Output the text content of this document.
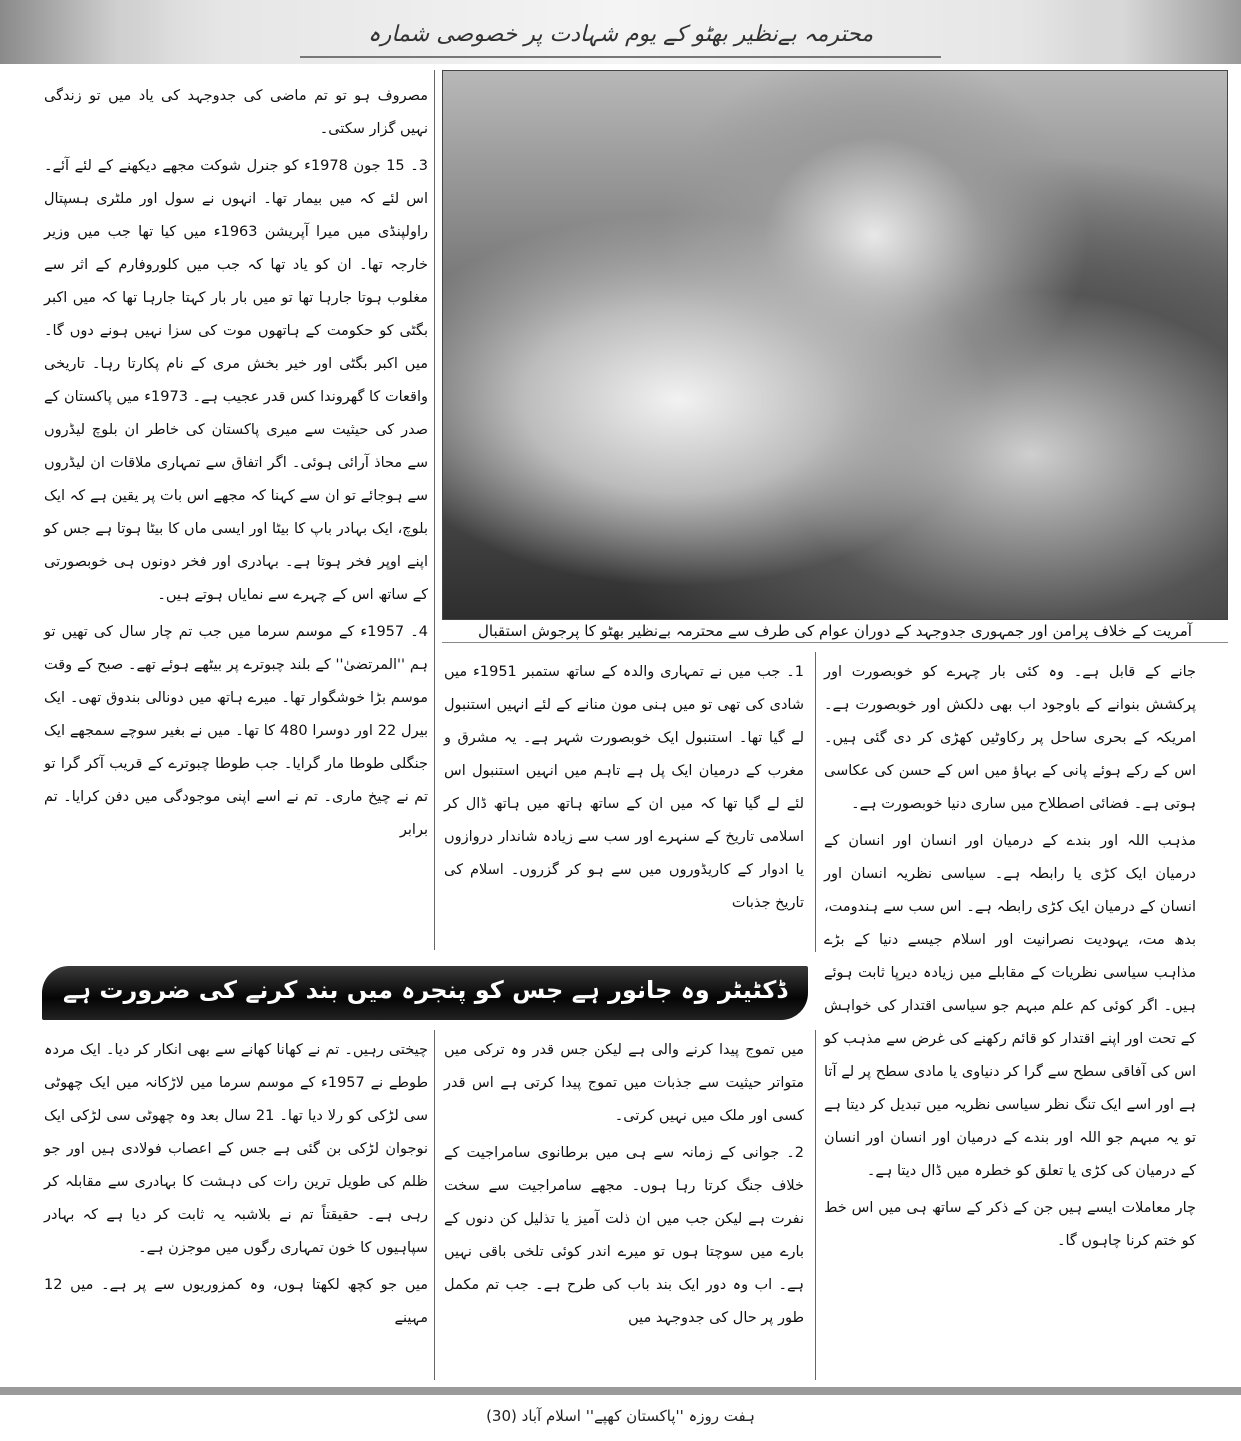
محترمہ بےنظیر بھٹو کے یوم شہادت پر خصوصی شمارہ

مصروف ہو تو تم ماضی کی جدوجہد کی یاد میں تو زندگی نہیں گزار سکتی۔

3۔ 15 جون 1978ء کو جنرل شوکت مجھے دیکھنے کے لئے آئے۔ اس لئے کہ میں بیمار تھا۔ انہوں نے سول اور ملٹری ہسپتال راولپنڈی میں میرا آپریشن 1963ء میں کیا تھا جب میں وزیر خارجہ تھا۔ ان کو یاد تھا کہ جب میں کلوروفارم کے اثر سے مغلوب ہوتا جارہا تھا تو میں بار بار کہتا جارہا تھا کہ میں اکبر بگٹی کو حکومت کے ہاتھوں موت کی سزا نہیں ہونے دوں گا۔ میں اکبر بگٹی اور خیر بخش مری کے نام پکارتا رہا۔ تاریخی واقعات کا گھروندا کس قدر عجیب ہے۔ 1973ء میں پاکستان کے صدر کی حیثیت سے میری پاکستان کی خاطر ان بلوچ لیڈروں سے محاذ آرائی ہوئی۔ اگر اتفاق سے تمہاری ملاقات ان لیڈروں سے ہوجائے تو ان سے کہنا کہ مجھے اس بات پر یقین ہے کہ ایک بلوچ، ایک بہادر باپ کا بیٹا اور ایسی ماں کا بیٹا ہوتا ہے جس کو اپنے اوپر فخر ہوتا ہے۔ بہادری اور فخر دونوں ہی خوبصورتی کے ساتھ اس کے چہرے سے نمایاں ہوتے ہیں۔

4۔ 1957ء کے موسم سرما میں جب تم چار سال کی تھیں تو ہم ''المرتضیٰ'' کے بلند چبوترے پر بیٹھے ہوئے تھے۔ صبح کے وقت موسم بڑا خوشگوار تھا۔ میرے ہاتھ میں دونالی بندوق تھی۔ ایک بیرل 22 اور دوسرا 480 کا تھا۔ میں نے بغیر سوچے سمجھے ایک جنگلی طوطا مار گرایا۔ جب طوطا چبوترے کے قریب آکر گرا تو تم نے چیخ ماری۔ تم نے اسے اپنی موجودگی میں دفن کرایا۔ تم برابر

آمریت کے خلاف پرامن اور جمہوری جدوجہد کے دوران عوام کی طرف سے محترمہ بےنظیر بھٹو کا پرجوش استقبال

1۔ جب میں نے تمہاری والدہ کے ساتھ ستمبر 1951ء میں شادی کی تھی تو میں ہنی مون منانے کے لئے انہیں استنبول لے گیا تھا۔ استنبول ایک خوبصورت شہر ہے۔ یہ مشرق و مغرب کے درمیان ایک پل ہے تاہم میں انہیں استنبول اس لئے لے گیا تھا کہ میں ان کے ساتھ ہاتھ میں ہاتھ ڈال کر اسلامی تاریخ کے سنہرے اور سب سے زیادہ شاندار دروازوں یا ادوار کے کاریڈوروں میں سے ہو کر گزروں۔ اسلام کی تاریخ جذبات

جانے کے قابل ہے۔ وہ کئی بار چہرے کو خوبصورت اور پرکشش بنوانے کے باوجود اب بھی دلکش اور خوبصورت ہے۔ امریکہ کے بحری ساحل پر رکاوٹیں کھڑی کر دی گئی ہیں۔ اس کے رکے ہوئے پانی کے بہاؤ میں اس کے حسن کی عکاسی ہوتی ہے۔ فضائی اصطلاح میں ساری دنیا خوبصورت ہے۔

مذہب اللہ اور بندے کے درمیان اور انسان اور انسان کے درمیان ایک کڑی یا رابطہ ہے۔ سیاسی نظریہ انسان اور انسان کے درمیان ایک کڑی رابطہ ہے۔ اس سب سے ہندومت، بدھ مت، یہودیت نصرانیت اور اسلام جیسے دنیا کے بڑے مذاہب سیاسی نظریات کے مقابلے میں زیادہ دیرپا ثابت ہوئے ہیں۔ اگر کوئی کم علم مبہم جو سیاسی اقتدار کی خواہش کے تحت اور اپنے اقتدار کو قائم رکھنے کی غرض سے مذہب کو اس کی آفاقی سطح سے گرا کر دنیاوی یا مادی سطح پر لے آتا ہے اور اسے ایک تنگ نظر سیاسی نظریہ میں تبدیل کر دیتا ہے تو یہ مبہم جو اللہ اور بندے کے درمیان اور انسان اور انسان کے درمیان کی کڑی یا تعلق کو خطرہ میں ڈال دیتا ہے۔

چار معاملات ایسے ہیں جن کے ذکر کے ساتھ ہی میں اس خط کو ختم کرنا چاہوں گا۔

ڈکٹیٹر وہ جانور ہے جس کو پنجرہ میں بند کرنے کی ضرورت ہے

چیختی رہیں۔ تم نے کھانا کھانے سے بھی انکار کر دیا۔ ایک مردہ طوطے نے 1957ء کے موسم سرما میں لاڑکانہ میں ایک چھوٹی سی لڑکی کو رلا دیا تھا۔ 21 سال بعد وہ چھوٹی سی لڑکی ایک نوجوان لڑکی بن گئی ہے جس کے اعصاب فولادی ہیں اور جو ظلم کی طویل ترین رات کی دہشت کا بہادری سے مقابلہ کر رہی ہے۔ حقیقتاً تم نے بلاشبہ یہ ثابت کر دیا ہے کہ بہادر سپاہیوں کا خون تمہاری رگوں میں موجزن ہے۔

میں جو کچھ لکھتا ہوں، وہ کمزوریوں سے پر ہے۔ میں 12 مہینے

میں تموج پیدا کرنے والی ہے لیکن جس قدر وہ ترکی میں متواتر حیثیت سے جذبات میں تموج پیدا کرتی ہے اس قدر کسی اور ملک میں نہیں کرتی۔

2۔ جوانی کے زمانہ سے ہی میں برطانوی سامراجیت کے خلاف جنگ کرتا رہا ہوں۔ مجھے سامراجیت سے سخت نفرت ہے لیکن جب میں ان ذلت آمیز یا تذلیل کن دنوں کے بارے میں سوچتا ہوں تو میرے اندر کوئی تلخی باقی نہیں ہے۔ اب وہ دور ایک بند باب کی طرح ہے۔ جب تم مکمل طور پر حال کی جدوجہد میں

ہفت روزہ ''پاکستان کھپے'' اسلام آباد (30)
